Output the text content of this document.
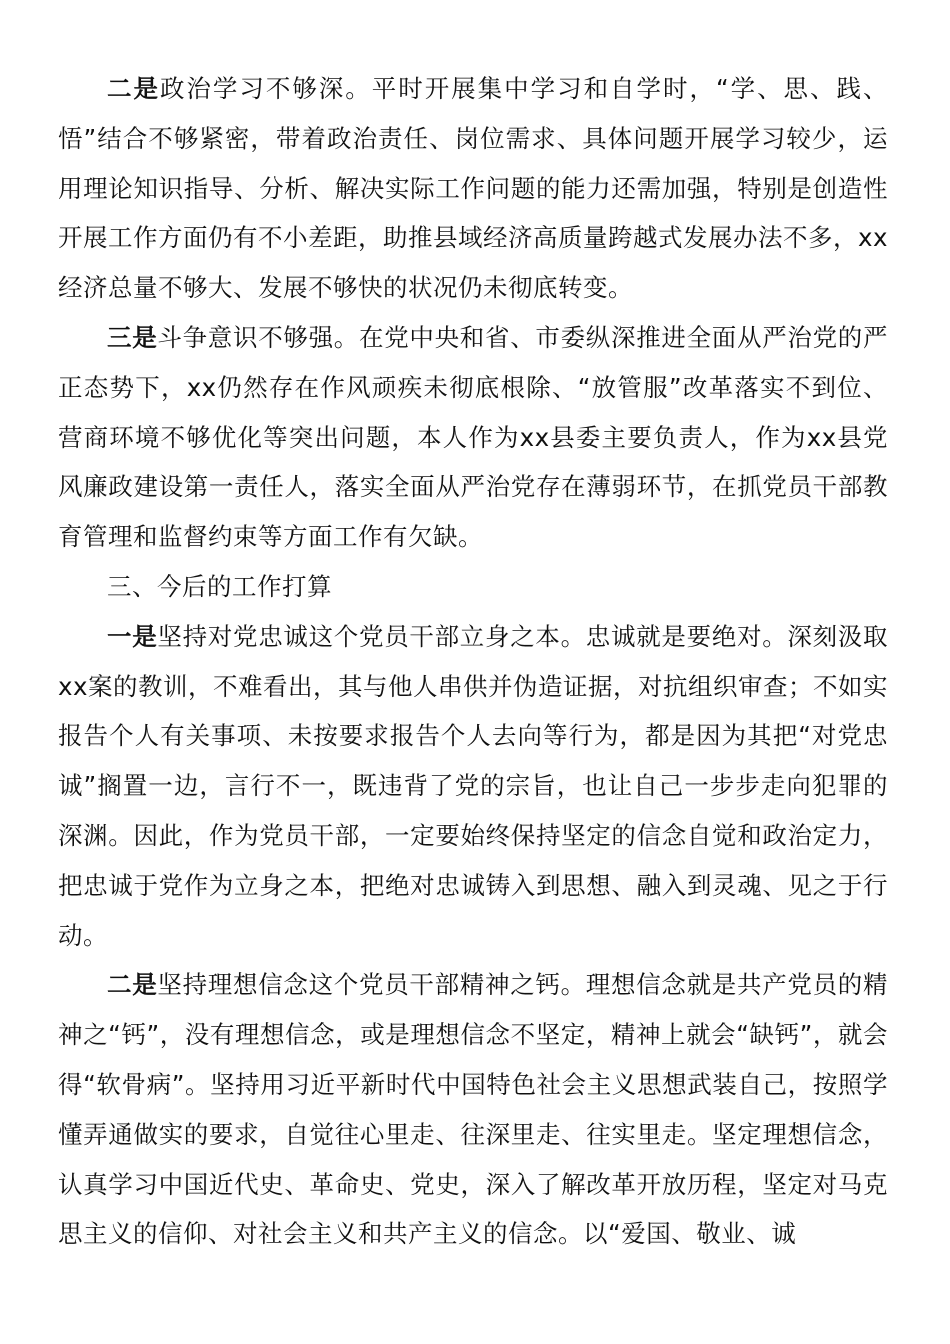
二是政治学习不够深。平时开展集中学习和自学时，“学、思、践、悟”结合不够紧密，带着政治责任、岗位需求、具体问题开展学习较少，运用理论知识指导、分析、解决实际工作问题的能力还需加强，特别是创造性开展工作方面仍有不小差距，助推县域经济高质量跨越式发展办法不多，xx经济总量不够大、发展不够快的状况仍未彻底转变。

三是斗争意识不够强。在党中央和省、市委纵深推进全面从严治党的严正态势下，xx仍然存在作风顽疾未彻底根除、“放管服”改革落实不到位、营商环境不够优化等突出问题，本人作为xx县委主要负责人，作为xx县党风廉政建设第一责任人，落实全面从严治党存在薄弱环节，在抓党员干部教育管理和监督约束等方面工作有欠缺。

三、今后的工作打算

一是坚持对党忠诚这个党员干部立身之本。忠诚就是要绝对。深刻汲取xx案的教训，不难看出，其与他人串供并伪造证据，对抗组织审查；不如实报告个人有关事项、未按要求报告个人去向等行为，都是因为其把“对党忠诚”搁置一边，言行不一，既违背了党的宗旨，也让自己一步步走向犯罪的深渊。因此，作为党员干部，一定要始终保持坚定的信念自觉和政治定力，把忠诚于党作为立身之本，把绝对忠诚铸入到思想、融入到灵魂、见之于行动。

二是坚持理想信念这个党员干部精神之钙。理想信念就是共产党员的精神之“钙”，没有理想信念，或是理想信念不坚定，精神上就会“缺钙”，就会得“软骨病”。坚持用习近平新时代中国特色社会主义思想武装自己，按照学懂弄通做实的要求，自觉往心里走、往深里走、往实里走。坚定理想信念，认真学习中国近代史、革命史、党史，深入了解改革开放历程，坚定对马克思主义的信仰、对社会主义和共产主义的信念。以“爱国、敬业、诚
